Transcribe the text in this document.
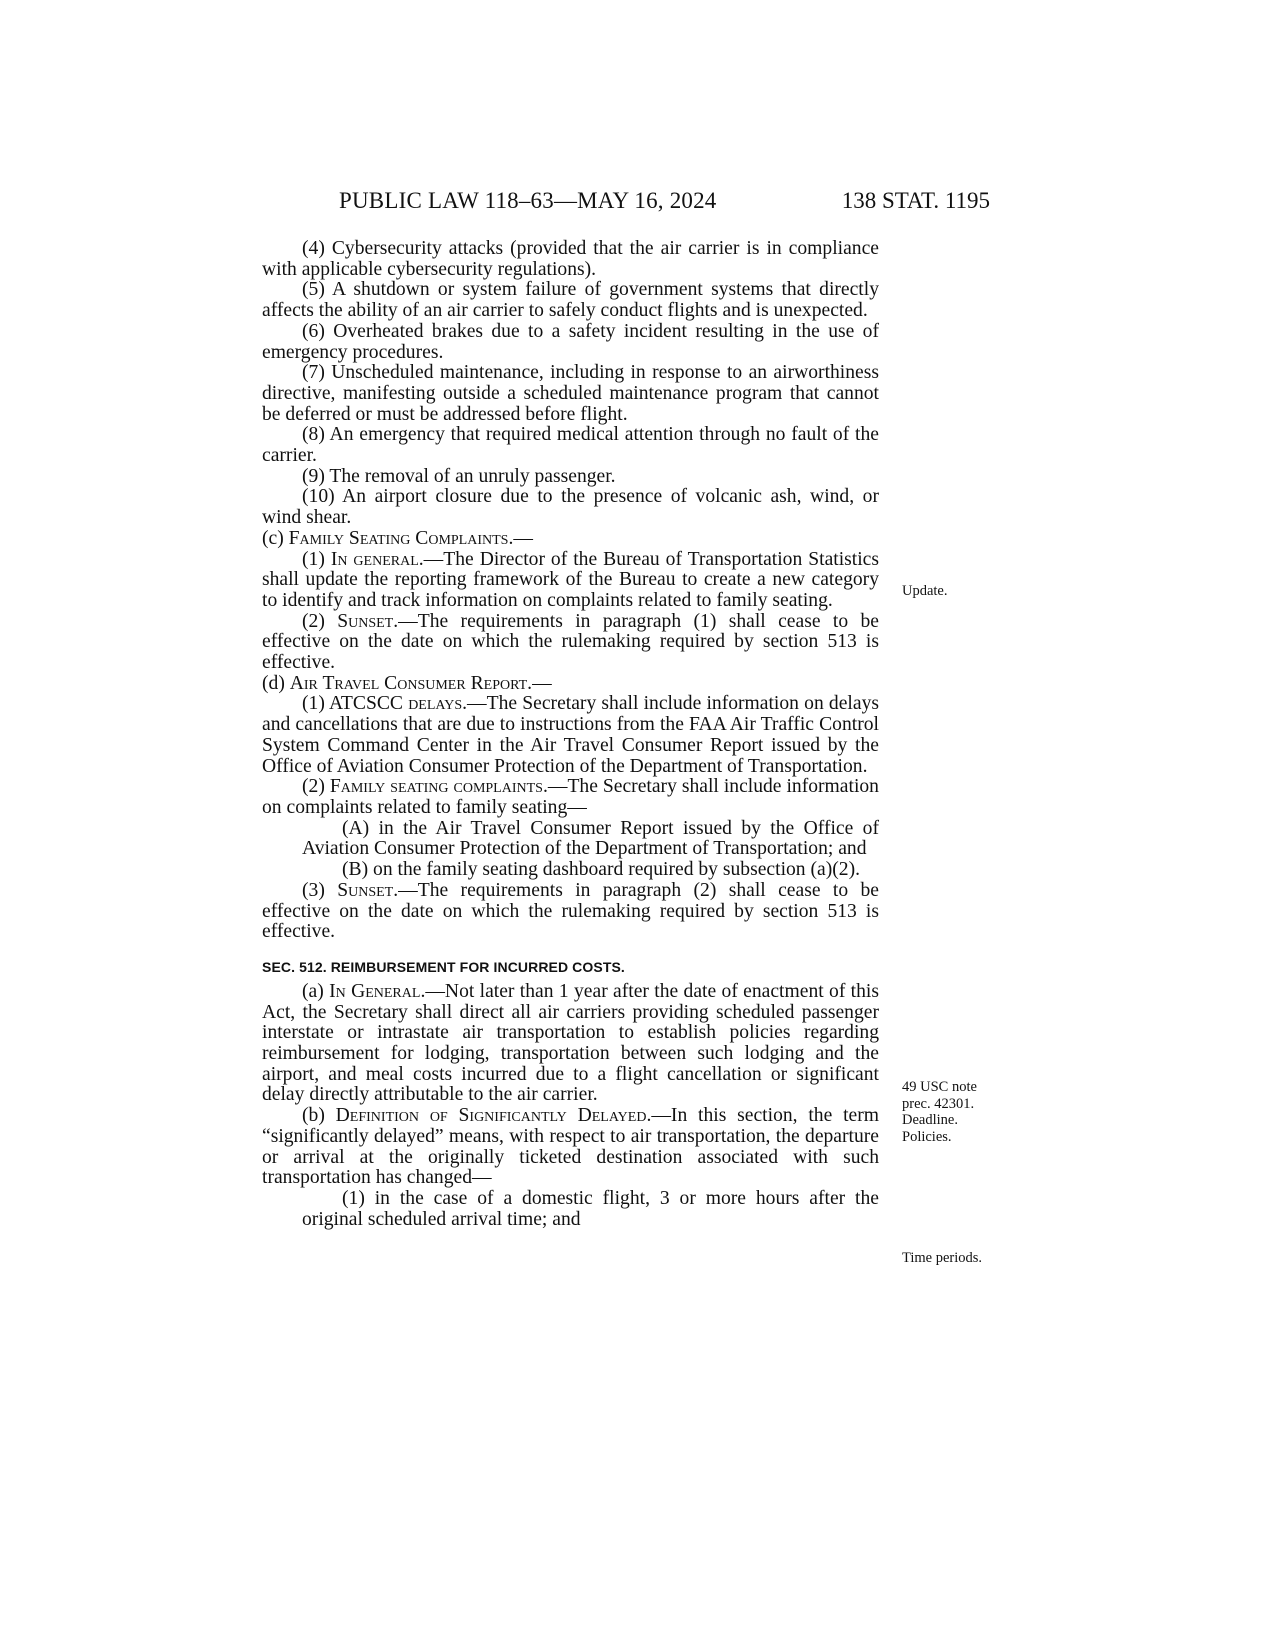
PUBLIC LAW 118–63—MAY 16, 2024	138 STAT. 1195

(4) Cybersecurity attacks (provided that the air carrier is in compliance with applicable cybersecurity regulations).

(5) A shutdown or system failure of government systems that directly affects the ability of an air carrier to safely conduct flights and is unexpected.

(6) Overheated brakes due to a safety incident resulting in the use of emergency procedures.

(7) Unscheduled maintenance, including in response to an airworthiness directive, manifesting outside a scheduled maintenance program that cannot be deferred or must be addressed before flight.

(8) An emergency that required medical attention through no fault of the carrier.

(9) The removal of an unruly passenger.

(10) An airport closure due to the presence of volcanic ash, wind, or wind shear.

(c) Family Seating Complaints.—

(1) In general.—The Director of the Bureau of Transportation Statistics shall update the reporting framework of the Bureau to create a new category to identify and track information on complaints related to family seating.

(2) Sunset.—The requirements in paragraph (1) shall cease to be effective on the date on which the rulemaking required by section 513 is effective.

(d) Air Travel Consumer Report.—

(1) ATCSCC delays.—The Secretary shall include information on delays and cancellations that are due to instructions from the FAA Air Traffic Control System Command Center in the Air Travel Consumer Report issued by the Office of Aviation Consumer Protection of the Department of Transportation.

(2) Family seating complaints.—The Secretary shall include information on complaints related to family seating—

(A) in the Air Travel Consumer Report issued by the Office of Aviation Consumer Protection of the Department of Transportation; and

(B) on the family seating dashboard required by subsection (a)(2).

(3) Sunset.—The requirements in paragraph (2) shall cease to be effective on the date on which the rulemaking required by section 513 is effective.

SEC. 512. REIMBURSEMENT FOR INCURRED COSTS.

(a) In General.—Not later than 1 year after the date of enactment of this Act, the Secretary shall direct all air carriers providing scheduled passenger interstate or intrastate air transportation to establish policies regarding reimbursement for lodging, transportation between such lodging and the airport, and meal costs incurred due to a flight cancellation or significant delay directly attributable to the air carrier.

(b) Definition of Significantly Delayed.—In this section, the term “significantly delayed” means, with respect to air transportation, the departure or arrival at the originally ticketed destination associated with such transportation has changed—

(1) in the case of a domestic flight, 3 or more hours after the original scheduled arrival time; and

Update.
49 USC note
prec. 42301.
Deadline.
Policies.
Time periods.
